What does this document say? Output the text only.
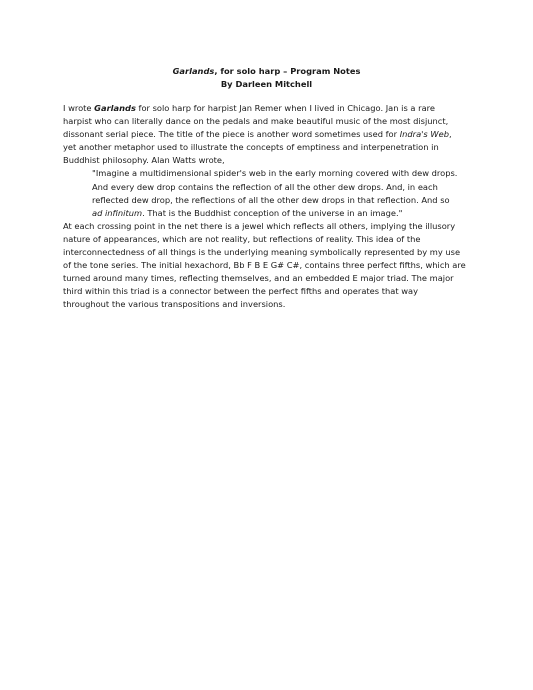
Garlands, for solo harp – Program Notes
By Darleen Mitchell
I wrote Garlands for solo harp for harpist Jan Remer when I lived in Chicago. Jan is a rare
harpist who can literally dance on the pedals and make beautiful music of the most disjunct,
dissonant serial piece. The title of the piece is another word sometimes used for Indra's Web,
yet another metaphor used to illustrate the concepts of emptiness and interpenetration in
Buddhist philosophy. Alan Watts wrote,
"Imagine a multidimensional spider's web in the early morning covered with dew drops.
And every dew drop contains the reflection of all the other dew drops. And, in each
reflected dew drop, the reflections of all the other dew drops in that reflection. And so
ad infinitum. That is the Buddhist conception of the universe in an image."
At each crossing point in the net there is a jewel which reflects all others, implying the illusory
nature of appearances, which are not reality, but reflections of reality. This idea of the
interconnectedness of all things is the underlying meaning symbolically represented by my use
of the tone series. The initial hexachord, Bb F B E G# C#, contains three perfect fifths, which are
turned around many times, reflecting themselves, and an embedded E major triad. The major
third within this triad is a connector between the perfect fifths and operates that way
throughout the various transpositions and inversions.
